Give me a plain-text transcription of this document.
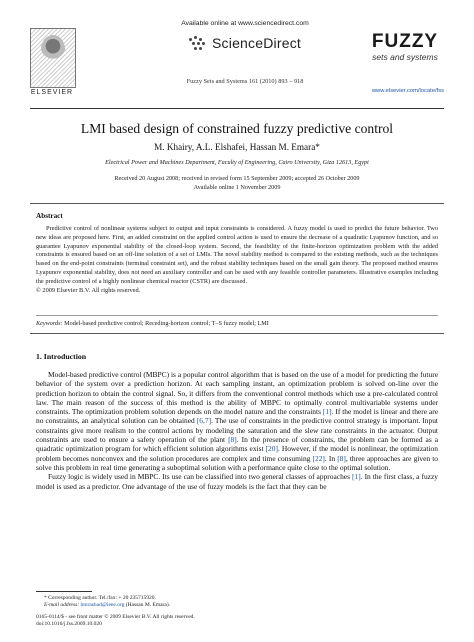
ELSEVIER
Available online at www.sciencedirect.com
ScienceDirect
Fuzzy Sets and Systems 161 (2010) 893 – 918
FUZZY
sets and systems
www.elsevier.com/locate/fss
LMI based design of constrained fuzzy predictive control
M. Khairy, A.L. Elshafei, Hassan M. Emara*
Electrical Power and Machines Department, Faculty of Engineering, Cairo University, Giza 12613, Egypt
Received 20 August 2008; received in revised form 15 September 2009; accepted 26 October 2009
Available online 1 November 2009
Abstract
Predictive control of nonlinear systems subject to output and input constraints is considered. A fuzzy model is used to predict the future behavior. Two new ideas are proposed here. First, an added constraint on the applied control action is used to ensure the decrease of a quadratic Lyapunov function, and so guarantee Lyapunov exponential stability of the closed-loop system. Second, the feasibility of the finite-horizon optimization problem with the added constraints is ensured based on an off-line solution of a set of LMIs. The novel stability method is compared to the existing methods, such as the techniques based on the end-point constraints (terminal constraint set), and the robust stability techniques based on the small gain theory. The proposed method ensures Lyapunov exponential stability, does not need an auxiliary controller and can be used with any feasible controller parameters. Illustrative examples including the predictive control of a highly nonlinear chemical reactor (CSTR) are discussed.
© 2009 Elsevier B.V. All rights reserved.
Keywords: Model-based predictive control; Receding-horizon control; T–S fuzzy model; LMI
1. Introduction

Model-based predictive control (MBPC) is a popular control algorithm that is based on the use of a model for predicting the future behavior of the system over a prediction horizon. At each sampling instant, an optimization problem is solved on-line over the prediction horizon to obtain the control signal. So, it differs from the conventional control methods which use a pre-calculated control law. The main reason of the success of this method is the ability of MBPC to optimally control multivariable systems under constraints. The optimization problem solution depends on the model nature and the constraints [1]. If the model is linear and there are no constraints, an analytical solution can be obtained [6,7]. The use of constraints in the predictive control strategy is important. Input constraints give more realism to the control actions by modeling the saturation and the slew rate constraints in the actuator. Output constraints are used to ensure a safety operation of the plant [8]. In the presence of constraints, the problem can be formed as a quadratic optimization program for which efficient solution algorithms exist [20]. However, if the model is nonlinear, the optimization problem becomes nonconvex and the solution procedures are complex and time consuming [22]. In [8], three approaches are given to solve this problem in real time generating a suboptimal solution with a performance quite close to the optimal solution.

Fuzzy logic is widely used in MBPC. Its use can be classified into two general classes of approaches [1]. In the first class, a fuzzy model is used as a predictor. One advantage of the use of fuzzy models is the fact that they can be

* Corresponding author. Tel./fax: + 20 235715920.
E-mail address: hmrashad@ieee.org (Hassan M. Emara).
0165-0114/$ - see front matter © 2009 Elsevier B.V. All rights reserved.
doi:10.1016/j.fss.2009.10.020
